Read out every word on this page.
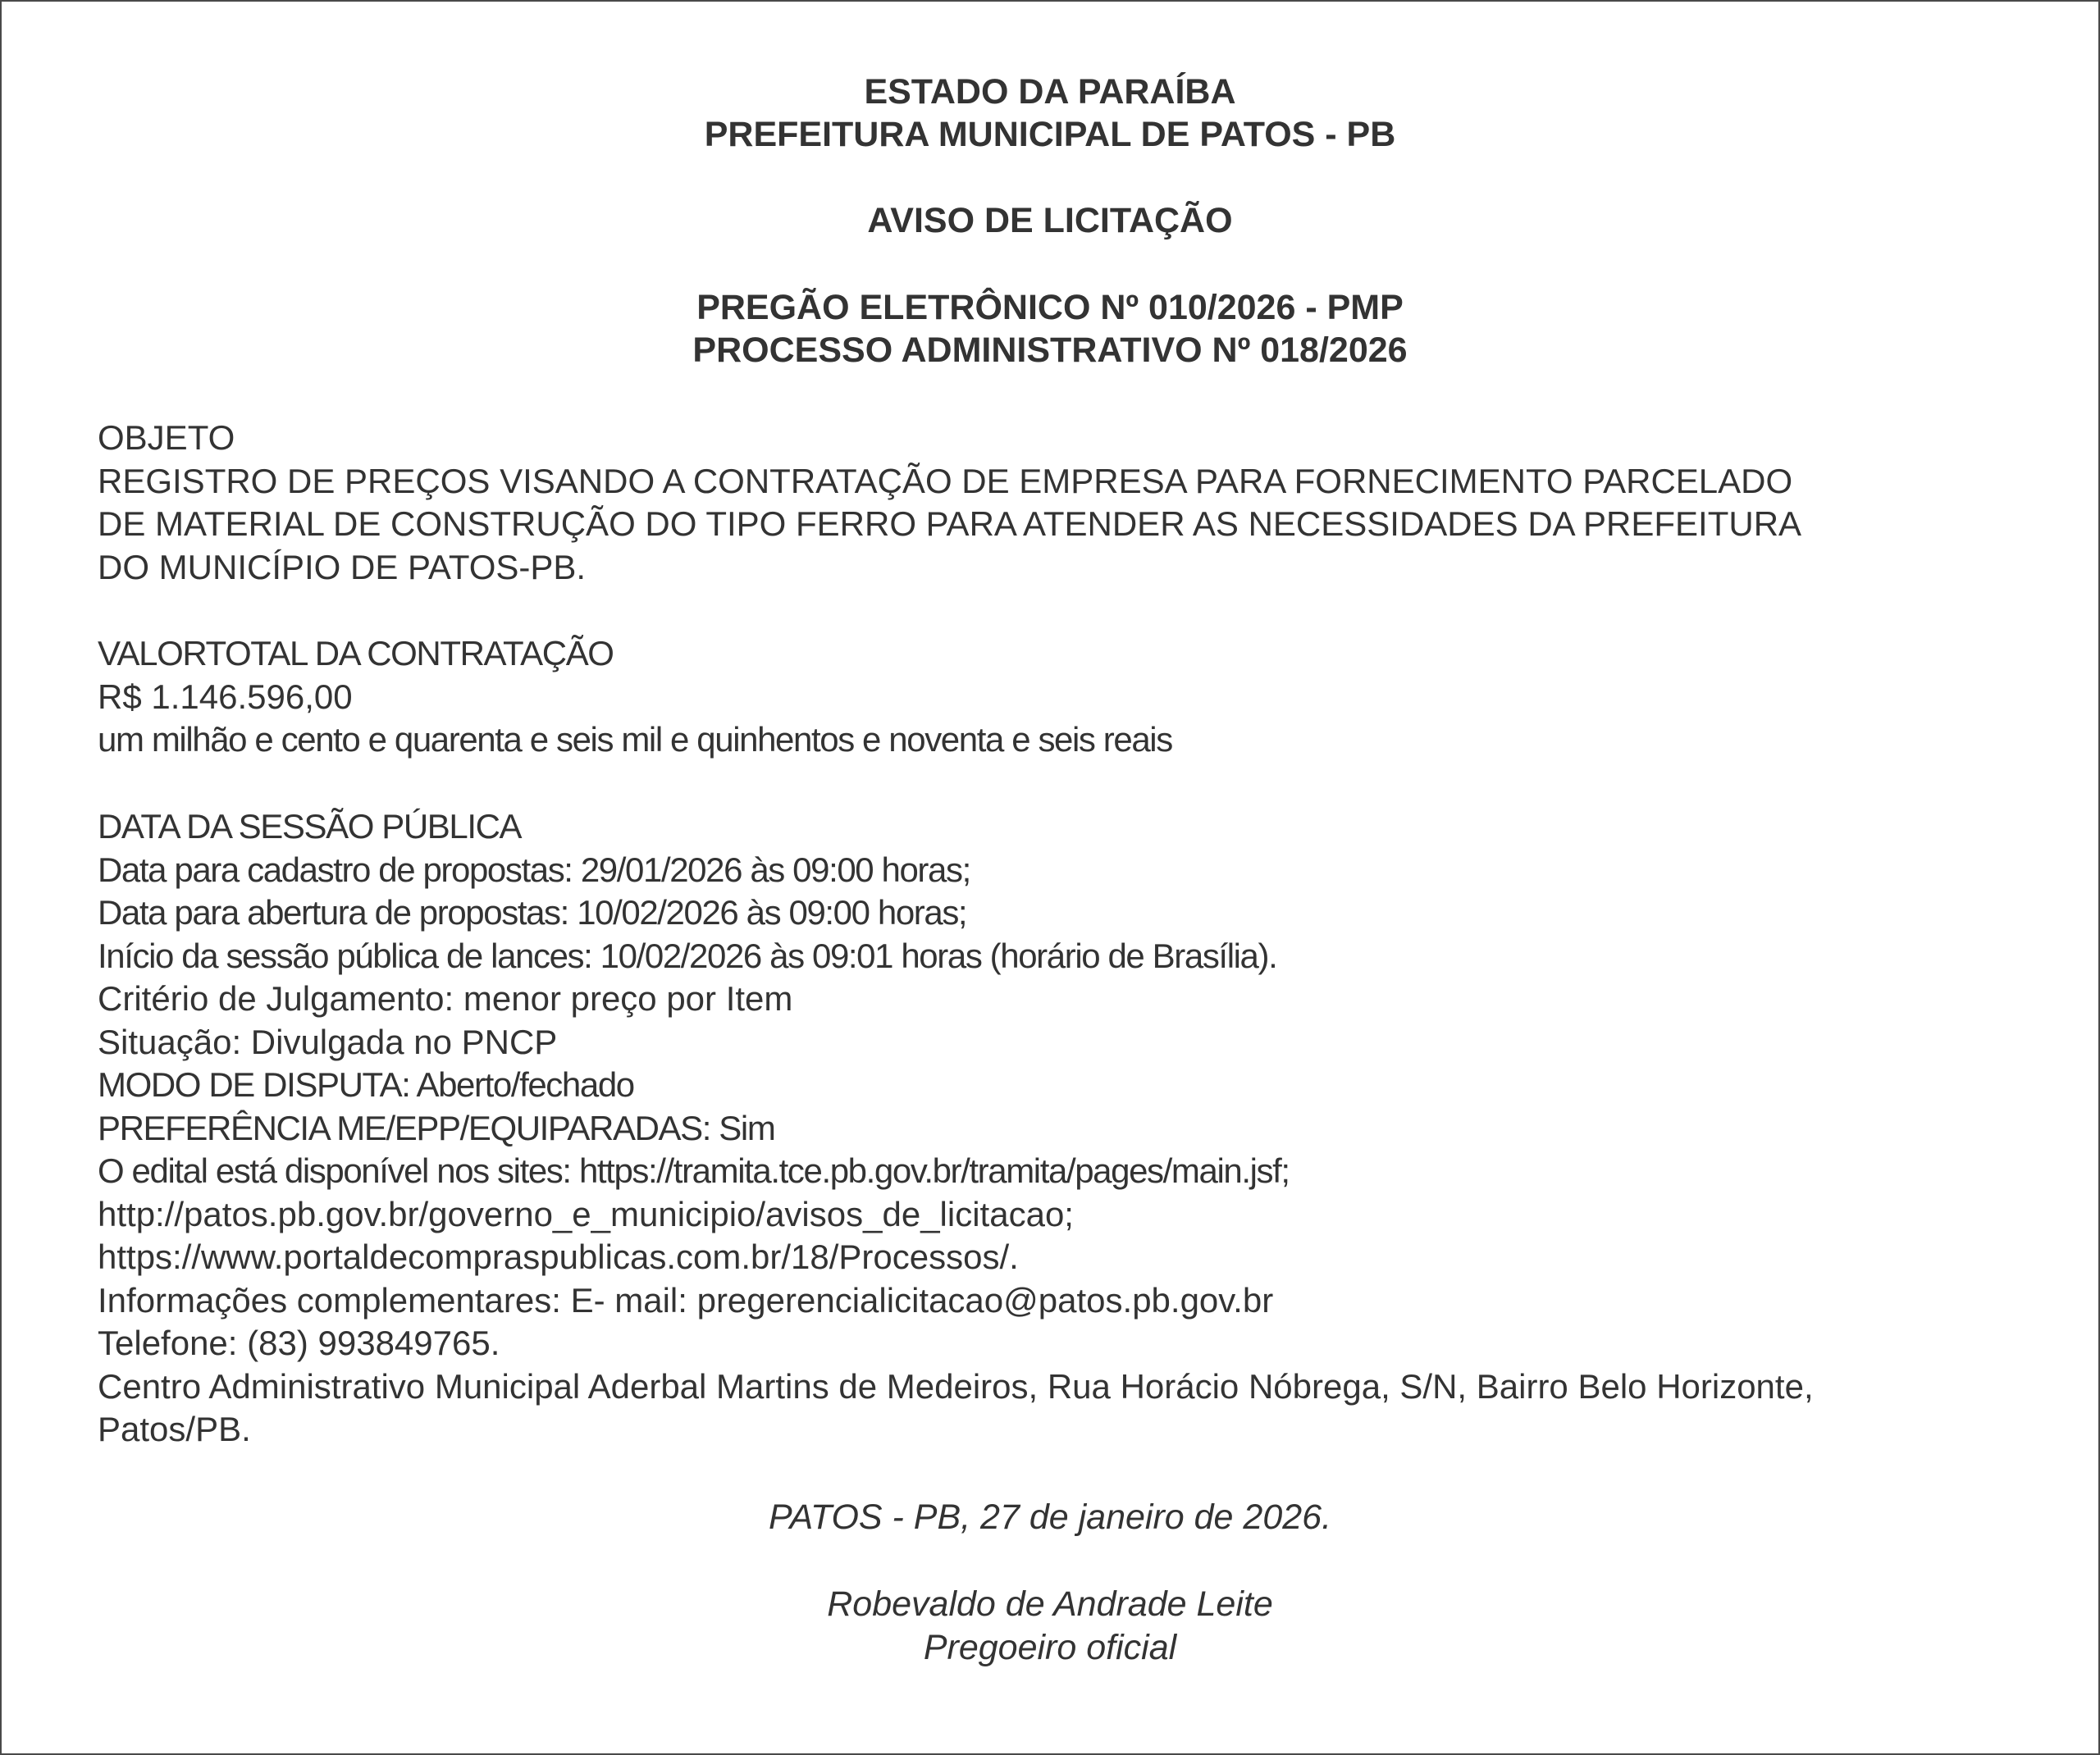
ESTADO DA PARAÍBA
PREFEITURA MUNICIPAL DE PATOS - PB
AVISO DE LICITAÇÃO
PREGÃO ELETRÔNICO Nº 010/2026 - PMP
PROCESSO ADMINISTRATIVO Nº 018/2026
OBJETO
REGISTRO DE PREÇOS VISANDO A CONTRATAÇÃO DE EMPRESA PARA FORNECIMENTO PARCELADO
DE MATERIAL DE CONSTRUÇÃO DO TIPO FERRO PARA ATENDER AS NECESSIDADES DA PREFEITURA
DO MUNICÍPIO DE PATOS-PB.
VALORTOTAL DA CONTRATAÇÃO
R$ 1.146.596,00
um milhão e cento e quarenta e seis mil e quinhentos e noventa e seis reais
DATA DA SESSÃO PÚBLICA
Data para cadastro de propostas: 29/01/2026 às 09:00 horas;
Data para abertura de propostas: 10/02/2026 às 09:00 horas;
Início da sessão pública de lances: 10/02/2026 às 09:01 horas (horário de Brasília).
Critério de Julgamento: menor preço por Item
Situação: Divulgada no PNCP
MODO DE DISPUTA: Aberto/fechado
PREFERÊNCIA ME/EPP/EQUIPARADAS: Sim
O edital está disponível nos sites: https://tramita.tce.pb.gov.br/tramita/pages/main.jsf;
http://patos.pb.gov.br/governo_e_municipio/avisos_de_licitacao;
https://www.portaldecompraspublicas.com.br/18/Processos/.
Informações complementares: E- mail: pregerencialicitacao@patos.pb.gov.br
Telefone: (83) 993849765.
Centro Administrativo Municipal Aderbal Martins de Medeiros, Rua Horácio Nóbrega, S/N, Bairro Belo Horizonte,
Patos/PB.
PATOS - PB, 27 de janeiro de 2026.
Robevaldo de Andrade Leite
Pregoeiro oficial
